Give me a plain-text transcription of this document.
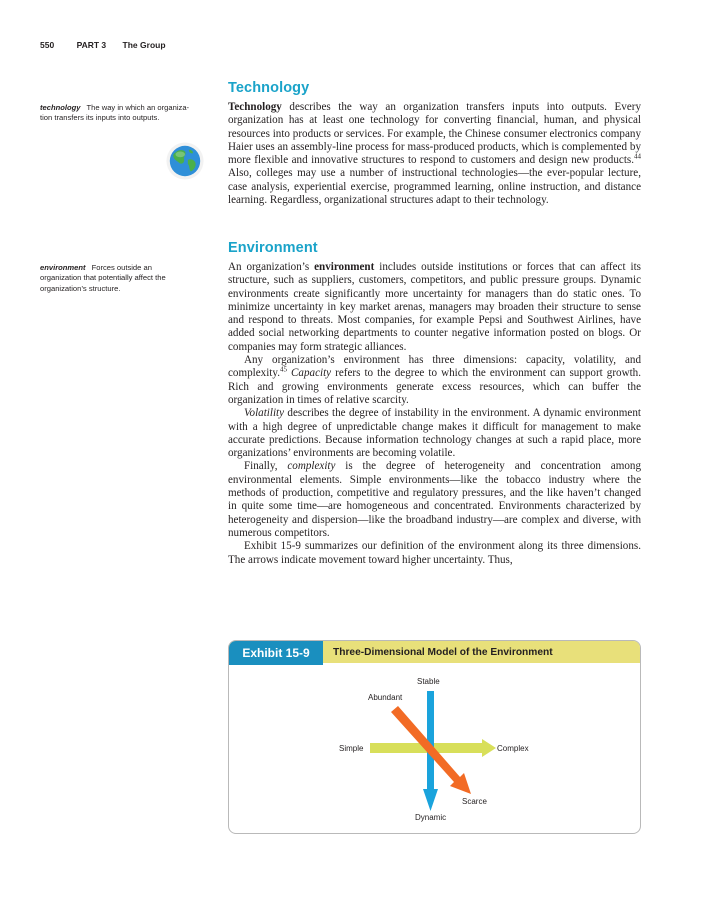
550	PART 3 The Group
technology The way in which an organiza-
tion transfers its inputs into outputs.
environment Forces outside an
organization that potentially affect the
organization’s structure.
Technology

Technology describes the way an organization transfers inputs into outputs. Every organization has at least one technology for converting financial, human, and physical resources into products or services. For example, the Chinese consumer electronics company Haier uses an assembly-line process for mass-produced products, which is complemented by more flexible and innovative structures to respond to customers and design new products.$^{44}$ Also, colleges may use a number of instructional technologies—the ever-popular lecture, case analysis, experiential exercise, programmed learning, online instruction, and distance learning. Regardless, organizational structures adapt to their technology.

Environment

An organization’s environment includes outside institutions or forces that can affect its structure, such as suppliers, customers, competitors, and public pressure groups. Dynamic environments create significantly more uncertainty for managers than do static ones. To minimize uncertainty in key market arenas, managers may broaden their structure to sense and respond to threats. Most companies, for example Pepsi and Southwest Airlines, have added social networking departments to counter negative information posted on blogs. Or companies may form strategic alliances.

Any organization’s environment has three dimensions: capacity, volatility, and complexity.$^{45}$ Capacity refers to the degree to which the environment can support growth. Rich and growing environments generate excess resources, which can buffer the organization in times of relative scarcity.

Volatility describes the degree of instability in the environment. A dynamic environment with a high degree of unpredictable change makes it difficult for management to make accurate predictions. Because information technology changes at such a rapid place, more organizations’ environments are becoming volatile.

Finally, complexity is the degree of heterogeneity and concentration among environmental elements. Simple environments—like the tobacco industry where the methods of production, competitive and regulatory pressures, and the like haven’t changed in quite some time—are homogeneous and concentrated. Environments characterized by heterogeneity and dispersion—like the broadband industry—are complex and diverse, with numerous competitors.

Exhibit 15-9 summarizes our definition of the environment along its three dimensions. The arrows indicate movement toward higher uncertainty. Thus,

Exhibit 15-9	Three-Dimensional Model of the Environment
Stable
Dynamic
Simple	Complex
Abundant
Scarce
